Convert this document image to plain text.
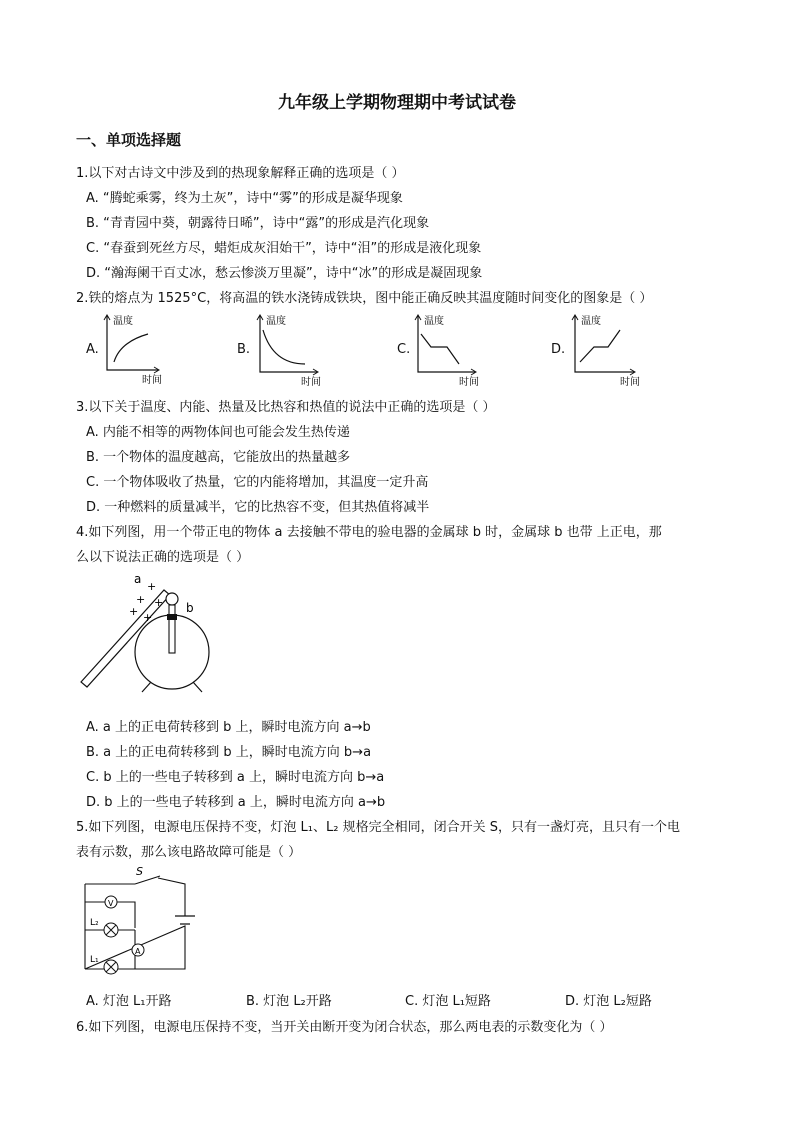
九年级上学期物理期中考试试卷
一、单项选择题
1.以下对古诗文中涉及到的热现象解释正确的选项是（ ）
A. “腾蛇乘雾，终为土灰”，诗中“雾”的形成是凝华现象
B. “青青园中葵，朝露待日晞”，诗中“露”的形成是汽化现象
C. “春蚕到死丝方尽，蜡炬成灰泪始干”，诗中“泪”的形成是液化现象
D. “瀚海阑干百丈冰，愁云惨淡万里凝”，诗中“冰”的形成是凝固现象
2.铁的熔点为 1525°C，将高温的铁水浇铸成铁块，图中能正确反映其温度随时间变化的图象是（ ）
A.
温度
时间
B.
温度
时间
C.
温度
时间
D.
温度
时间
3.以下关于温度、内能、热量及比热容和热值的说法中正确的选项是（ ）
A. 内能不相等的两物体间也可能会发生热传递
B. 一个物体的温度越高，它能放出的热量越多
C. 一个物体吸收了热量，它的内能将增加，其温度一定升高
D. 一种燃料的质量减半，它的比热容不变，但其热值将减半
4.如下列图，用一个带正电的物体 a 去接触不带电的验电器的金属球 b 时，金属球 b 也带 上正电，那
么以下说法正确的选项是（ ）
a
+
+ +
+ +
b
A. a 上的正电荷转移到 b 上，瞬时电流方向 a→b
B. a 上的正电荷转移到 b 上，瞬时电流方向 b→a
C. b 上的一些电子转移到 a 上，瞬时电流方向 b→a
D. b 上的一些电子转移到 a 上，瞬时电流方向 a→b
5.如下列图，电源电压保持不变，灯泡 L₁、L₂ 规格完全相同，闭合开关 S，只有一盏灯亮，且只有一个电
表有示数，那么该电路故障可能是（ ）
S
V
L₂
A
L₁
A. 灯泡 L₁开路	B. 灯泡 L₂开路	C. 灯泡 L₁短路	D. 灯泡 L₂短路
6.如下列图，电源电压保持不变，当开关由断开变为闭合状态，那么两电表的示数变化为（ ）
